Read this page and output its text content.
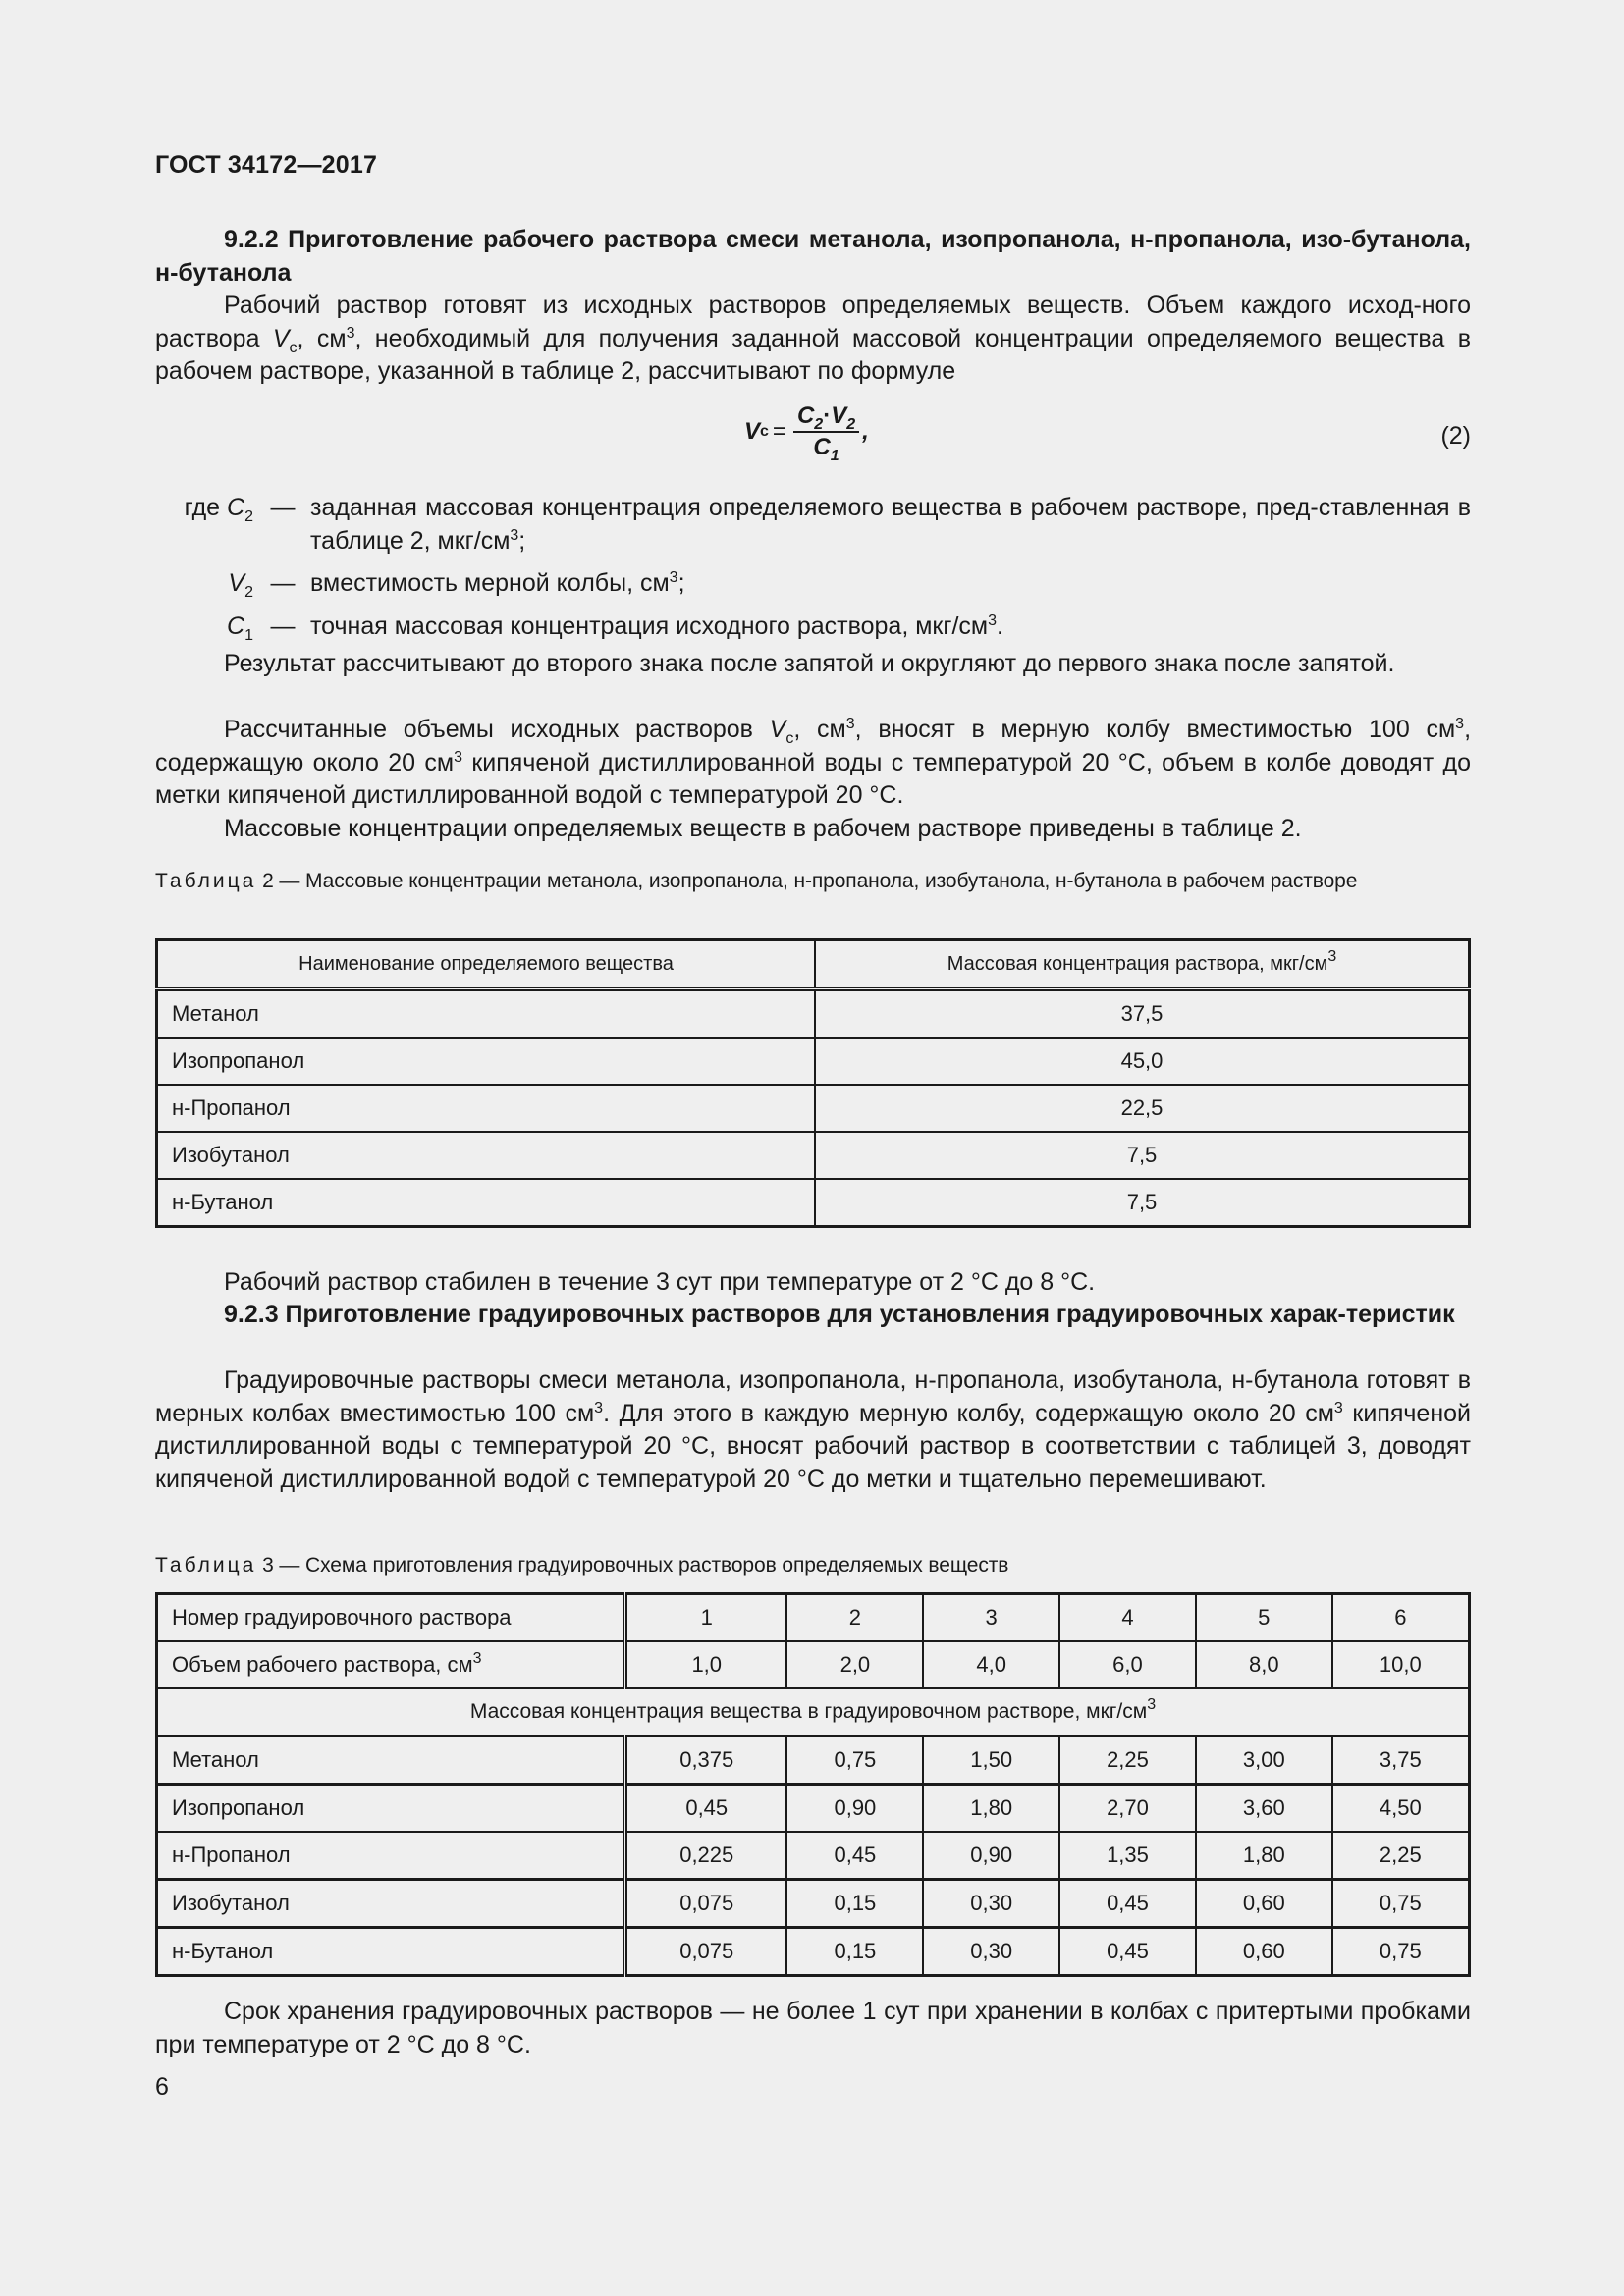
ГОСТ 34172—2017
9.2.2 Приготовление рабочего раствора смеси метанола, изопропанола, н-пропанола, изо-бутанола, н-бутанола
Рабочий раствор готовят из исходных растворов определяемых веществ. Объем каждого исход-ного раствора $V_c$, $см^3$, необходимый для получения заданной массовой концентрации определяемого вещества в рабочем растворе, указанной в таблице 2, рассчитывают по формуле
V $c = \frac{C_2\cdot V_2}{C_1}$ ,	(2)
где $C_2$ — заданная массовая концентрация определяемого вещества в рабочем растворе, пред-ставленная в таблице 2, мкг/$см^3$;
$V_2$ — вместимость мерной колбы, $см^3$;
$C_1$ — точная массовая концентрация исходного раствора, мкг/$см^3$.
Результат рассчитывают до второго знака после запятой и округляют до первого знака после запятой.
Рассчитанные объемы исходных растворов $V_c$, $см^3$, вносят в мерную колбу вместимостью 100 $см^3$, содержащую около 20 $см^3$ кипяченой дистиллированной воды с температурой 20 °С, объем в колбе доводят до метки кипяченой дистиллированной водой с температурой 20 °С.
Массовые концентрации определяемых веществ в рабочем растворе приведены в таблице 2.
Таблица 2 — Массовые концентрации метанола, изопропанола, н-пропанола, изобутанола, н-бутанола в рабочем растворе
Наименование определяемого вещества	Массовая концентрация раствора, мкг/$см^3$
Метанол	37,5
Изопропанол	45,0
н-Пропанол	22,5
Изобутанол	7,5
н-Бутанол	7,5
Рабочий раствор стабилен в течение 3 сут при температуре от 2 °С до 8 °С.
9.2.3 Приготовление градуировочных растворов для установления градуировочных харак-теристик
Градуировочные растворы смеси метанола, изопропанола, н-пропанола, изобутанола, н-бутанола готовят в мерных колбах вместимостью 100 $см^3$. Для этого в каждую мерную колбу, содержащую около 20 $см^3$ кипяченой дистиллированной воды с температурой 20 °С, вносят рабочий раствор в соответствии с таблицей 3, доводят кипяченой дистиллированной водой с температурой 20 °С до метки и тщательно перемешивают.
Таблица 3 — Схема приготовления градуировочных растворов определяемых веществ
Номер градуировочного раствора	1	2	3	4	5	6
Объем рабочего раствора, $см^3$	1,0	2,0	4,0	6,0	8,0	10,0
Массовая концентрация вещества в градуировочном растворе, мкг/$см^3$
Метанол	0,375	0,75	1,50	2,25	3,00	3,75
Изопропанол	0,45	0,90	1,80	2,70	3,60	4,50
н-Пропанол	0,225	0,45	0,90	1,35	1,80	2,25
Изобутанол	0,075	0,15	0,30	0,45	0,60	0,75
н-Бутанол	0,075	0,15	0,30	0,45	0,60	0,75
Срок хранения градуировочных растворов — не более 1 сут при хранении в колбах с притертыми пробками при температуре от 2 °С до 8 °С.
6
